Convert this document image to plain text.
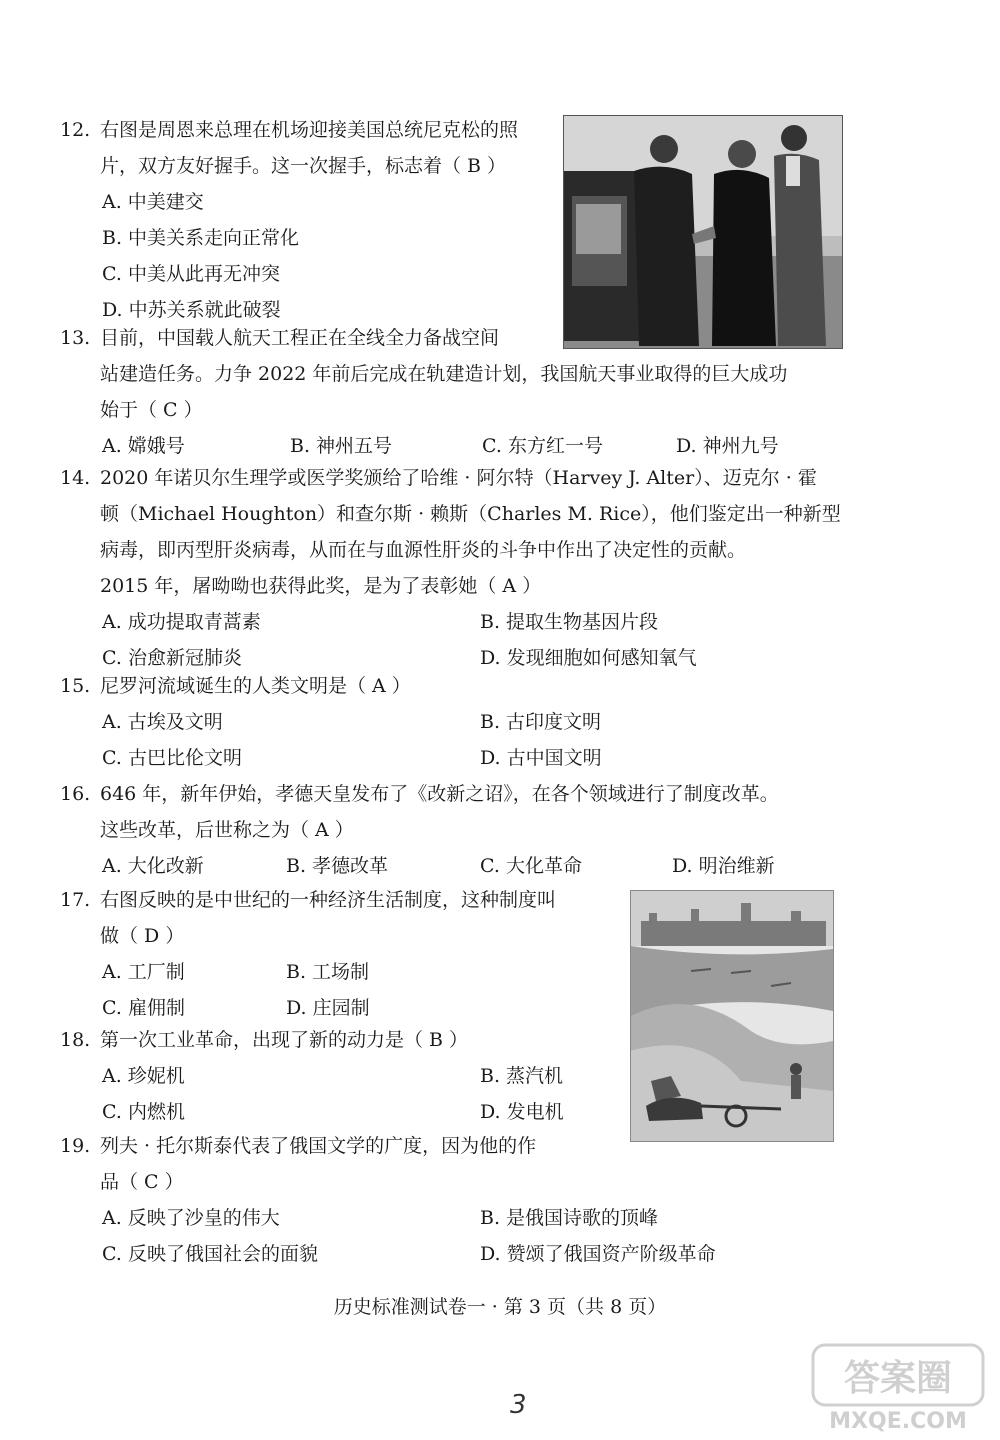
12. 右图是周恩来总理在机场迎接美国总统尼克松的照
片，双方友好握手。这一次握手，标志着（ B ）
A. 中美建交
B. 中美关系走向正常化
C. 中美从此再无冲突
D. 中苏关系就此破裂
13. 目前，中国载人航天工程正在全线全力备战空间
站建造任务。力争 2022 年前后完成在轨建造计划，我国航天事业取得的巨大成功
始于（ C ）
A. 嫦娥号	B. 神州五号	C. 东方红一号	D. 神州九号
14. 2020 年诺贝尔生理学或医学奖颁给了哈维 · 阿尔特（Harvey J. Alter）、迈克尔 · 霍
顿（Michael Houghton）和查尔斯 · 赖斯（Charles M. Rice），他们鉴定出一种新型
病毒，即丙型肝炎病毒，从而在与血源性肝炎的斗争中作出了决定性的贡献。
2015 年，屠呦呦也获得此奖，是为了表彰她（ A ）
A. 成功提取青蒿素	B. 提取生物基因片段
C. 治愈新冠肺炎	D. 发现细胞如何感知氧气
15. 尼罗河流域诞生的人类文明是（ A ）
A. 古埃及文明	B. 古印度文明
C. 古巴比伦文明	D. 古中国文明
16. 646 年，新年伊始，孝德天皇发布了《改新之诏》，在各个领域进行了制度改革。
这些改革，后世称之为（ A ）
A. 大化改新	B. 孝德改革	C. 大化革命	D. 明治维新
17. 右图反映的是中世纪的一种经济生活制度，这种制度叫
做（ D ）
A. 工厂制	B. 工场制
C. 雇佣制	D. 庄园制
18. 第一次工业革命，出现了新的动力是（ B ）
A. 珍妮机	B. 蒸汽机
C. 内燃机	D. 发电机
19. 列夫 · 托尔斯泰代表了俄国文学的广度，因为他的作
品（ C ）
A. 反映了沙皇的伟大	B. 是俄国诗歌的顶峰
C. 反映了俄国社会的面貌	D. 赞颂了俄国资产阶级革命
历史标准测试卷一 · 第 3 页（共 8 页）
3
答案圈
MXQE.COM
